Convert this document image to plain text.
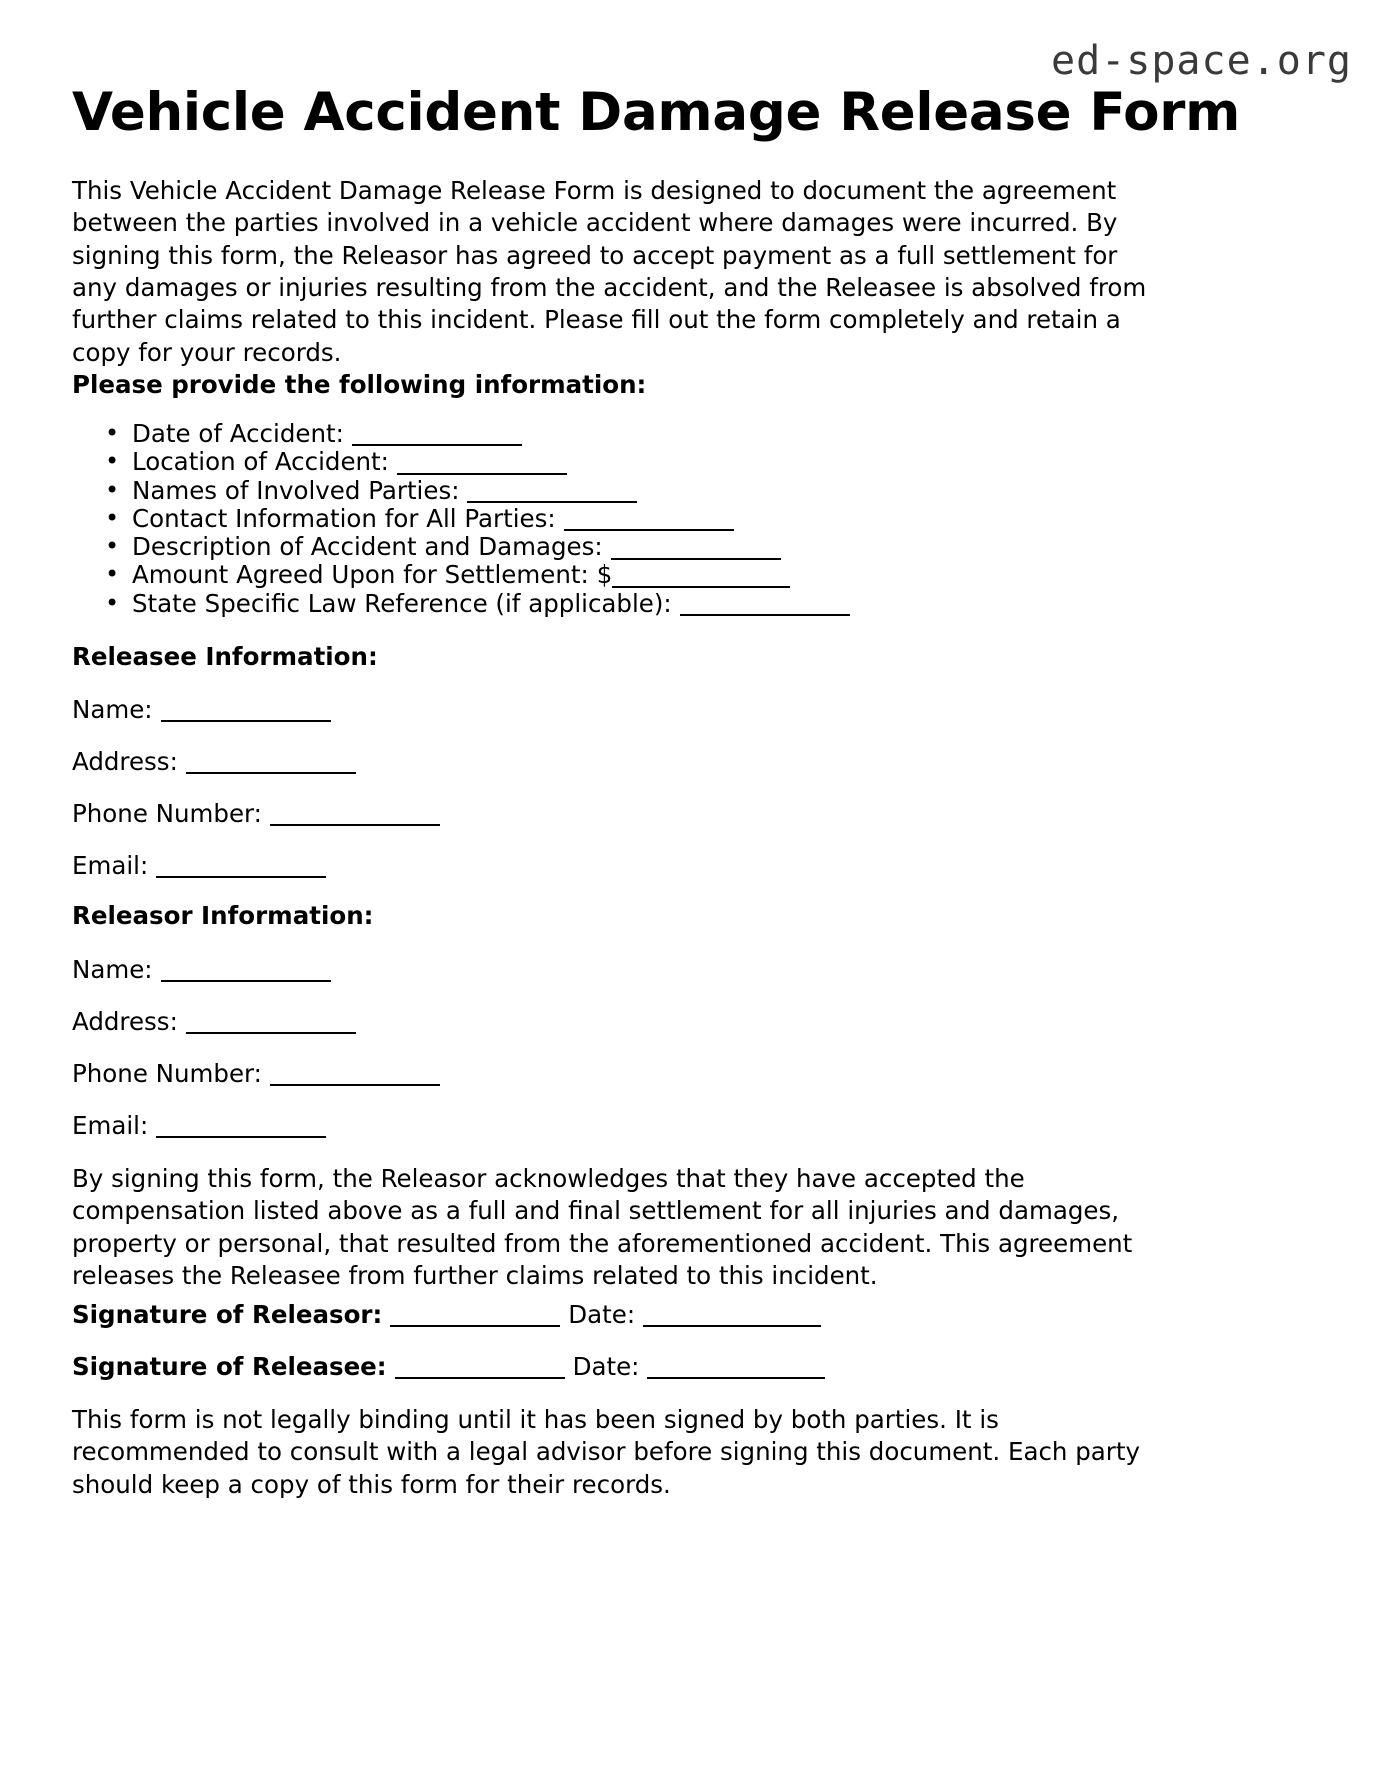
ed-space.org
Vehicle Accident Damage Release Form

This Vehicle Accident Damage Release Form is designed to document the agreement between the parties involved in a vehicle accident where damages were incurred. By signing this form, the Releasor has agreed to accept payment as a full settlement for any damages or injuries resulting from the accident, and the Releasee is absolved from further claims related to this incident. Please fill out the form completely and retain a copy for your records.

Please provide the following information:
• Date of Accident:
• Location of Accident:
• Names of Involved Parties:
• Contact Information for All Parties:
• Description of Accident and Damages:
• Amount Agreed Upon for Settlement: $
• State Specific Law Reference (if applicable):
Releasee Information:
Name:
Address:
Phone Number:
Email:
Releasor Information:
Name:
Address:
Phone Number:
Email:

By signing this form, the Releasor acknowledges that they have accepted the compensation listed above as a full and final settlement for all injuries and damages, property or personal, that resulted from the aforementioned accident. This agreement releases the Releasee from further claims related to this incident.

Signature of Releasor:	Date:
Signature of Releasee:	Date:

This form is not legally binding until it has been signed by both parties. It is recommended to consult with a legal advisor before signing this document. Each party should keep a copy of this form for their records.
